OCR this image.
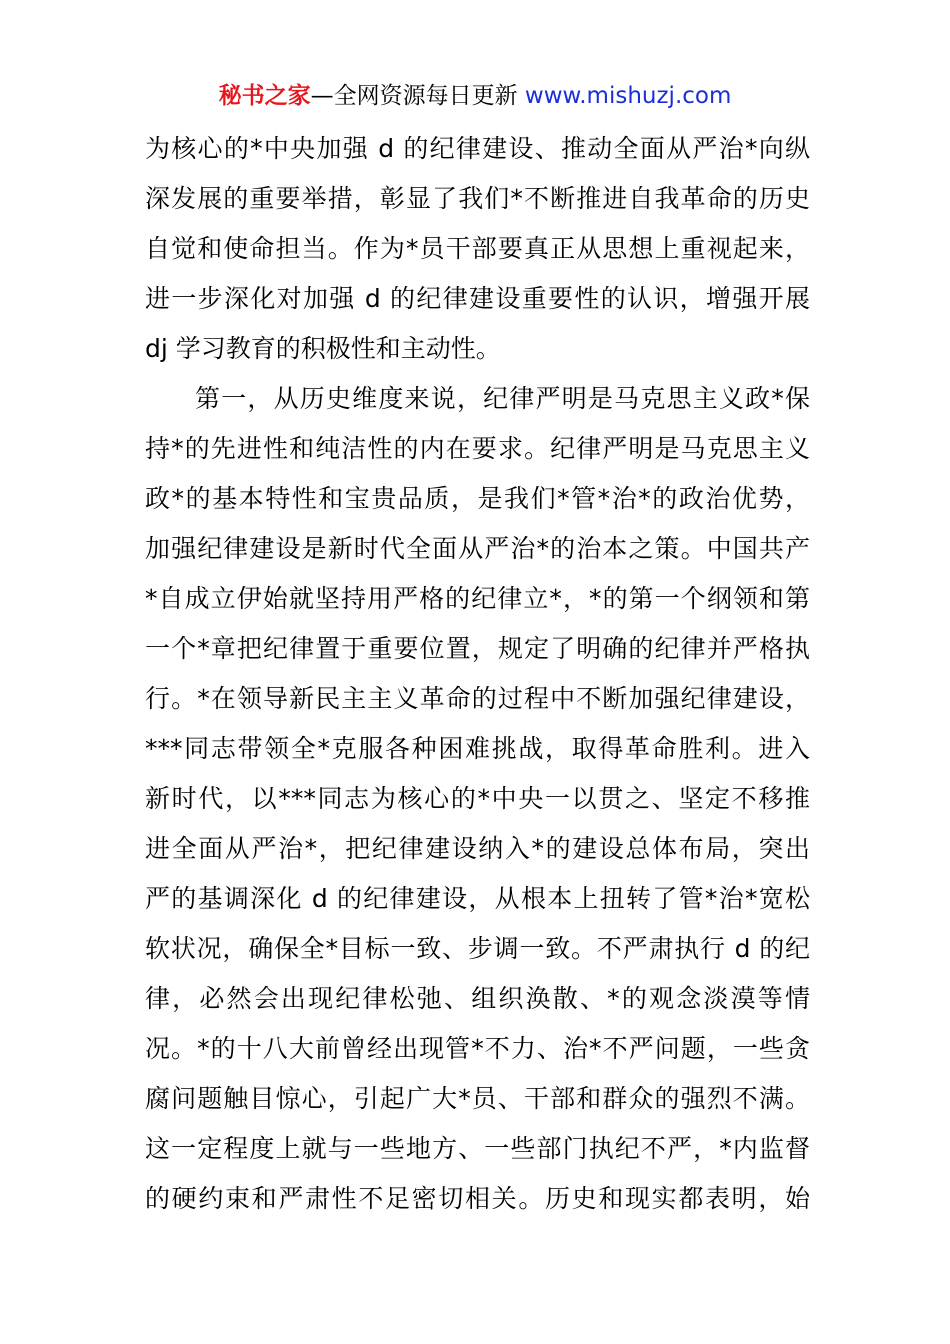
秘书之家—全网资源每日更新 www.mishuzj.com
为核心的*中央加强 d 的纪律建设、推动全面从严治*向纵
深发展的重要举措，彰显了我们*不断推进自我革命的历史
自觉和使命担当。作为*员干部要真正从思想上重视起来，
进一步深化对加强 d 的纪律建设重要性的认识，增强开展
dj 学习教育的积极性和主动性。
第一，从历史维度来说，纪律严明是马克思主义政*保
持*的先进性和纯洁性的内在要求。纪律严明是马克思主义
政*的基本特性和宝贵品质，是我们*管*治*的政治优势，
加强纪律建设是新时代全面从严治*的治本之策。中国共产
*自成立伊始就坚持用严格的纪律立*，*的第一个纲领和第
一个*章把纪律置于重要位置，规定了明确的纪律并严格执
行。*在领导新民主主义革命的过程中不断加强纪律建设，
***同志带领全*克服各种困难挑战，取得革命胜利。进入
新时代，以***同志为核心的*中央一以贯之、坚定不移推
进全面从严治*，把纪律建设纳入*的建设总体布局，突出
严的基调深化 d 的纪律建设，从根本上扭转了管*治*宽松
软状况，确保全*目标一致、步调一致。不严肃执行 d 的纪
律，必然会出现纪律松弛、组织涣散、*的观念淡漠等情
况。*的十八大前曾经出现管*不力、治*不严问题，一些贪
腐问题触目惊心，引起广大*员、干部和群众的强烈不满。
这一定程度上就与一些地方、一些部门执纪不严，*内监督
的硬约束和严肃性不足密切相关。历史和现实都表明，始
